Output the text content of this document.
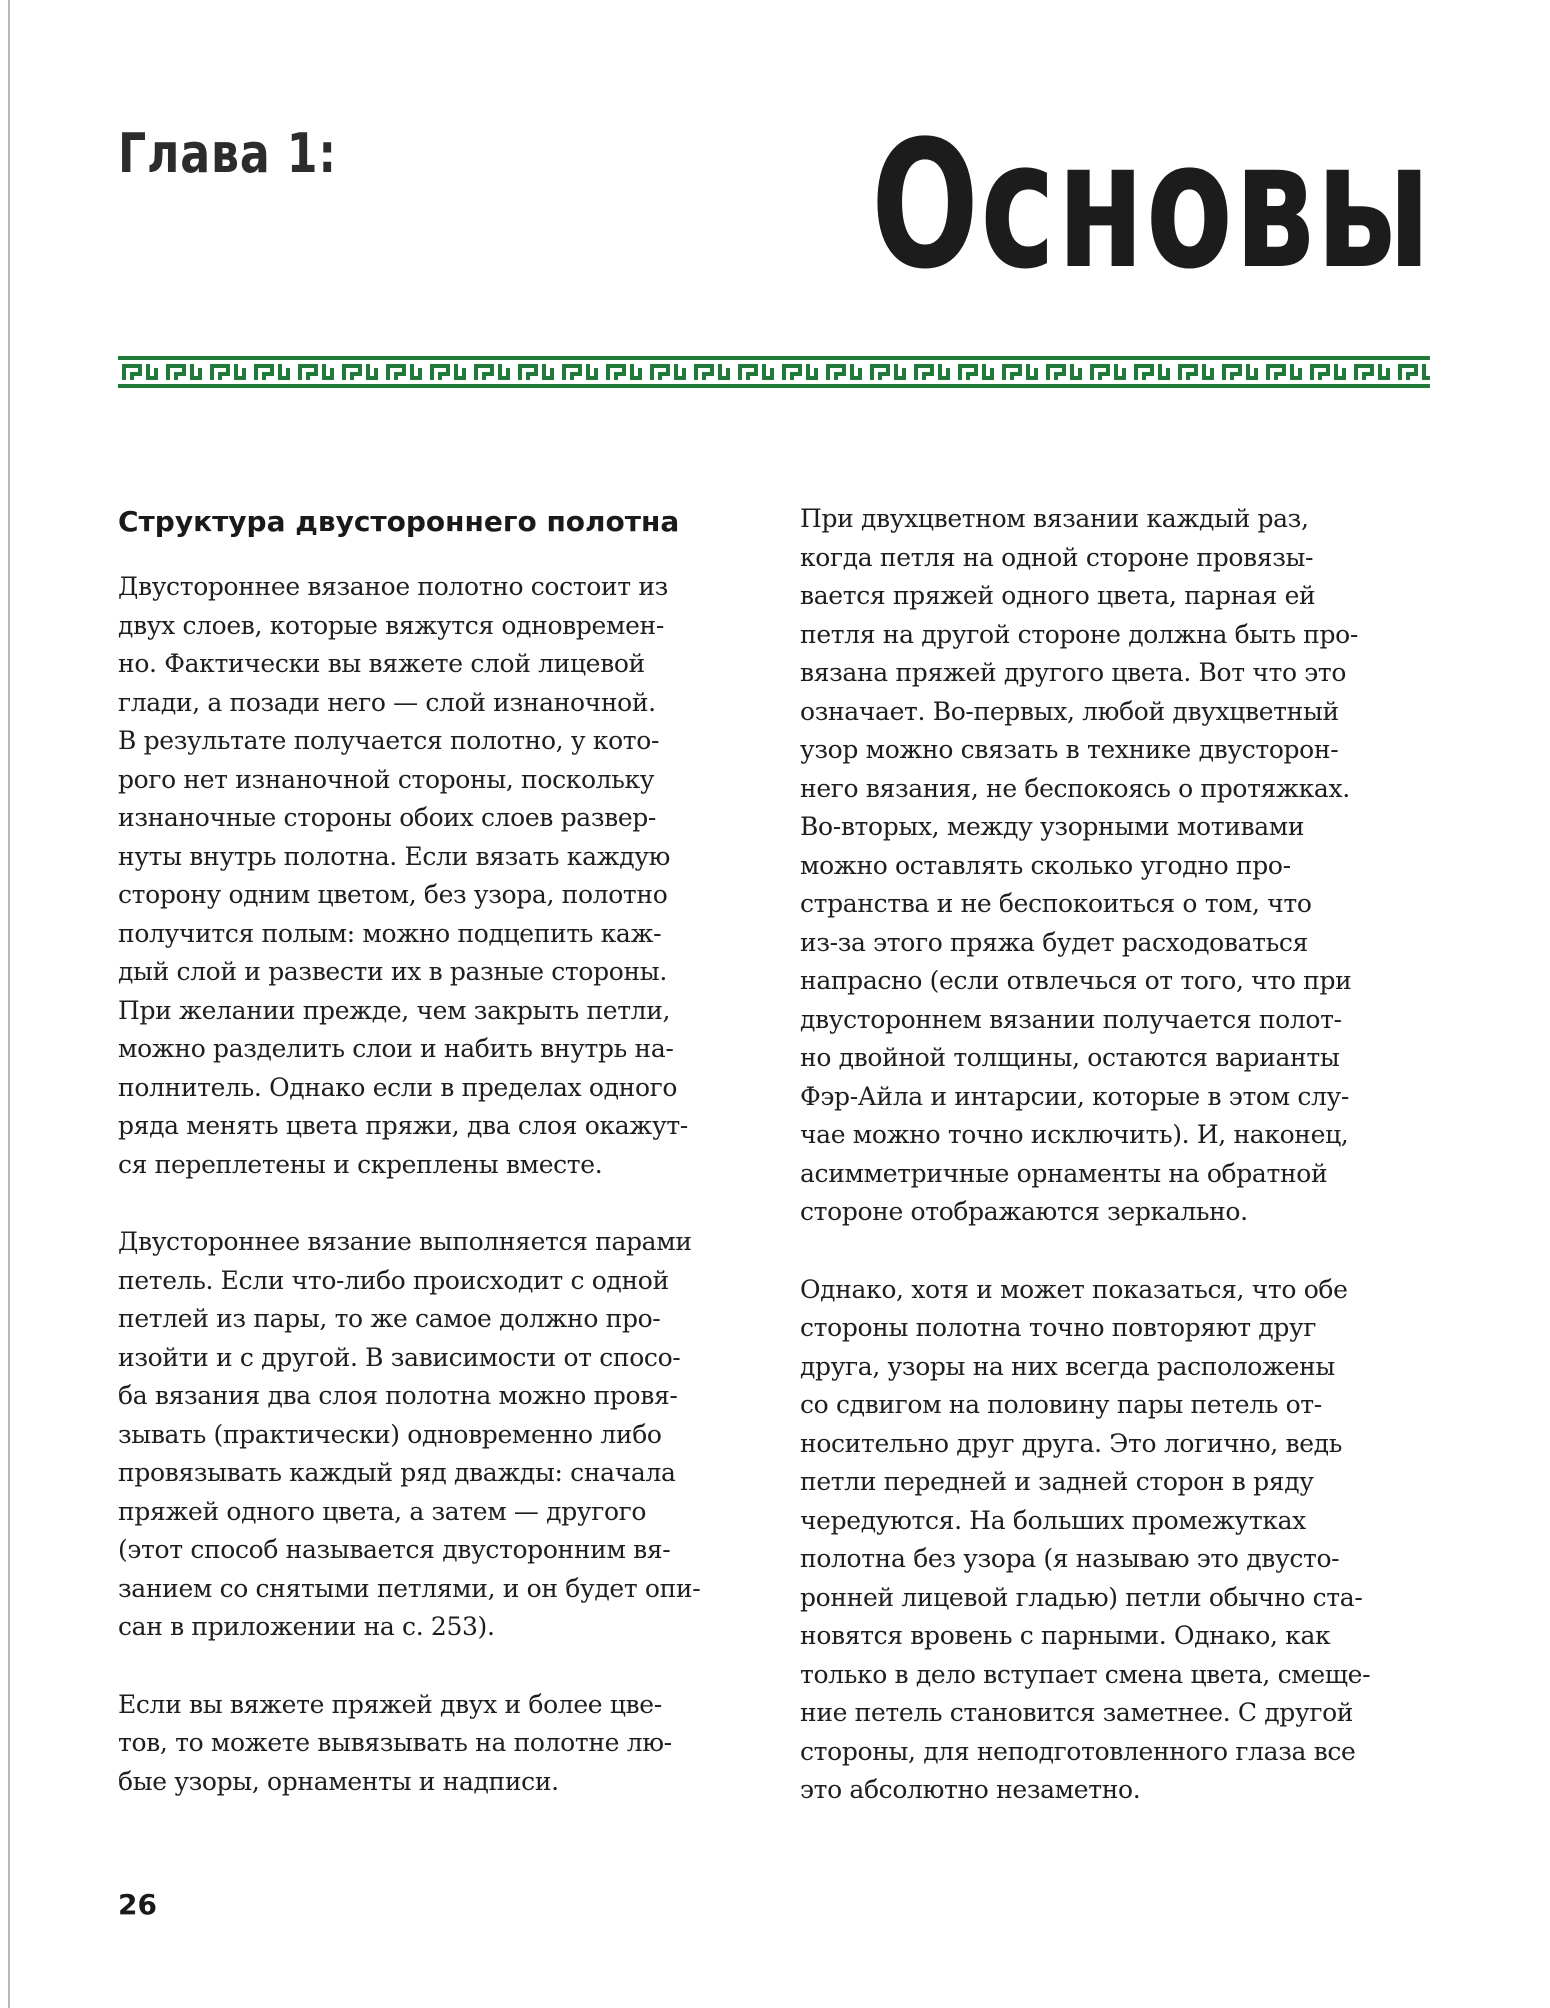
Глава 1:	Основы
Структура двустороннего полотна
Двустороннее вязаное полотно состоит из
двух слоев, которые вяжутся одновремен-
но. Фактически вы вяжете слой лицевой
глади, а позади него — слой изнаночной.
В результате получается полотно, у кото-
рого нет изнаночной стороны, поскольку
изнаночные стороны обоих слоев развер-
нуты внутрь полотна. Если вязать каждую
сторону одним цветом, без узора, полотно
получится полым: можно подцепить каж-
дый слой и развести их в разные стороны.
При желании прежде, чем закрыть петли,
можно разделить слои и набить внутрь на-
полнитель. Однако если в пределах одного
ряда менять цвета пряжи, два слоя окажут-
ся переплетены и скреплены вместе.
Двустороннее вязание выполняется парами
петель. Если что-либо происходит с одной
петлей из пары, то же самое должно про-
изойти и с другой. В зависимости от спосо-
ба вязания два слоя полотна можно провя-
зывать (практически) одновременно либо
провязывать каждый ряд дважды: сначала
пряжей одного цвета, а затем — другого
(этот способ называется двусторонним вя-
занием со снятыми петлями, и он будет опи-
сан в приложении на с. 253).
Если вы вяжете пряжей двух и более цве-
тов, то можете вывязывать на полотне лю-
бые узоры, орнаменты и надписи.
При двухцветном вязании каждый раз,
когда петля на одной стороне провязы-
вается пряжей одного цвета, парная ей
петля на другой стороне должна быть про-
вязана пряжей другого цвета. Вот что это
означает. Во-первых, любой двухцветный
узор можно связать в технике двусторон-
него вязания, не беспокоясь о протяжках.
Во-вторых, между узорными мотивами
можно оставлять сколько угодно про-
странства и не беспокоиться о том, что
из-за этого пряжа будет расходоваться
напрасно (если отвлечься от того, что при
двустороннем вязании получается полот-
но двойной толщины, остаются варианты
Фэр-Айла и интарсии, которые в этом слу-
чае можно точно исключить). И, наконец,
асимметричные орнаменты на обратной
стороне отображаются зеркально.
Однако, хотя и может показаться, что обе
стороны полотна точно повторяют друг
друга, узоры на них всегда расположены
со сдвигом на половину пары петель от-
носительно друг друга. Это логично, ведь
петли передней и задней сторон в ряду
чередуются. На больших промежутках
полотна без узора (я называю это двусто-
ронней лицевой гладью) петли обычно ста-
новятся вровень с парными. Однако, как
только в дело вступает смена цвета, смеще-
ние петель становится заметнее. С другой
стороны, для неподготовленного глаза все
это абсолютно незаметно.
26
